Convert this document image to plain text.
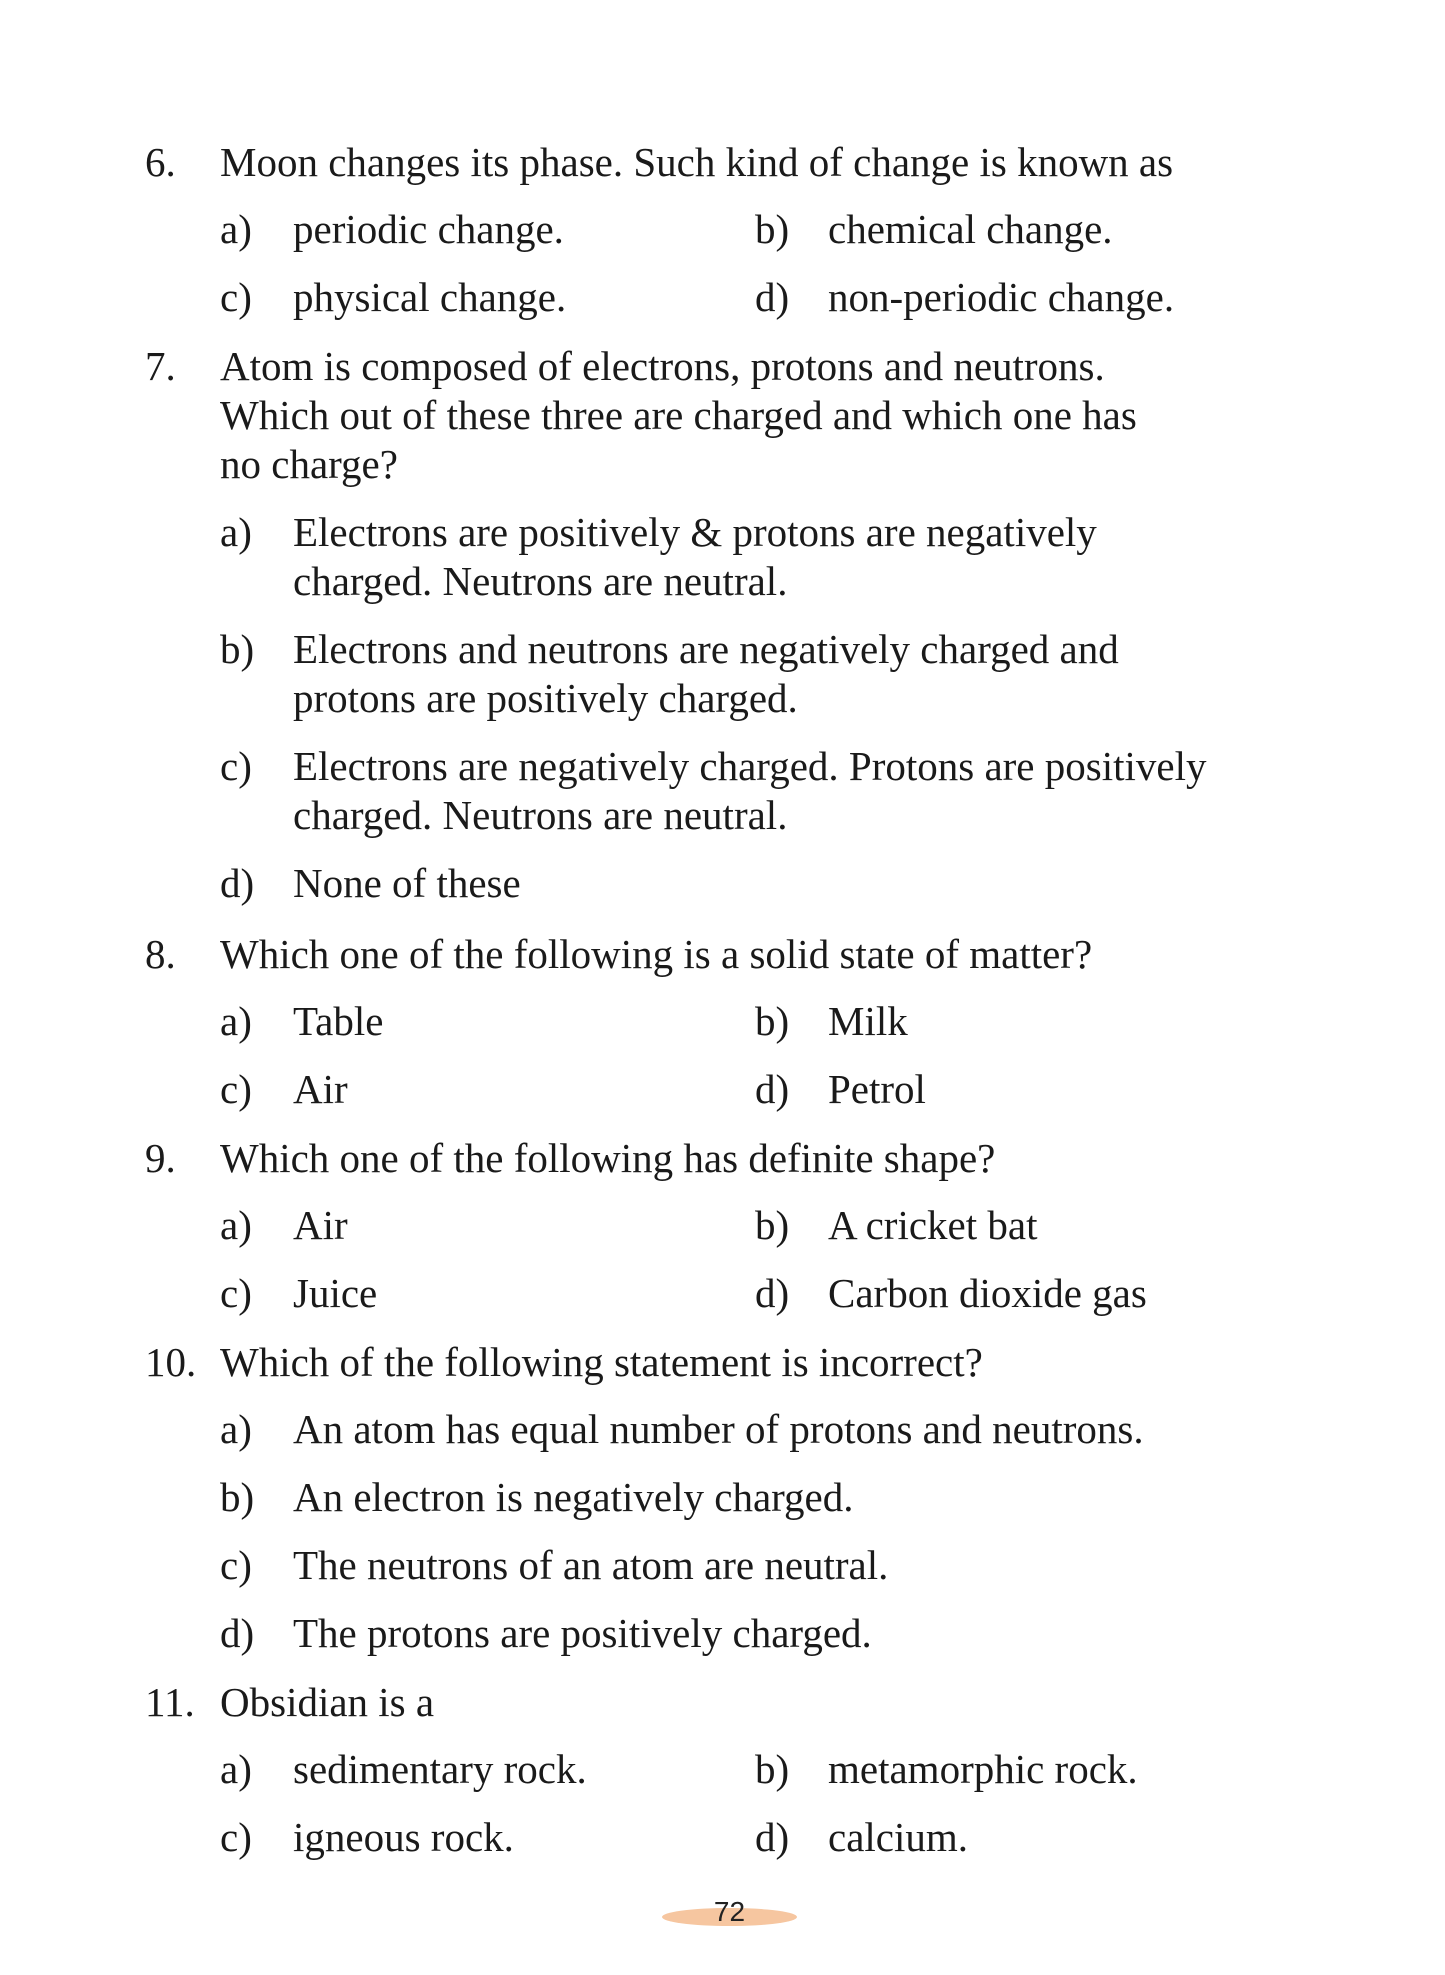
6. Moon changes its phase. Such kind of change is known as
a)	periodic change.	b) chemical change.
c)	physical change.	d) non-periodic change.
7. Atom is composed of electrons, protons and neutrons.
Which out of these three are charged and which one has
no charge?
a)	Electrons are positively & protons are negatively
charged. Neutrons are neutral.
b) Electrons and neutrons are negatively charged and
protons are positively charged.
c)	Electrons are negatively charged. Protons are positively
charged. Neutrons are neutral.
d) None of these
8. Which one of the following is a solid state of matter?
a)	Table	b) Milk
c)	Air	d) Petrol
9. Which one of the following has definite shape?
a)	Air	b) A cricket bat
c)	Juice	d) Carbon dioxide gas
10. Which of the following statement is incorrect?
a)	An atom has equal number of protons and neutrons.
b) An electron is negatively charged.
c)	The neutrons of an atom are neutral.
d) The protons are positively charged.
11. Obsidian is a
a)	sedimentary rock.	b) metamorphic rock.
c)	igneous rock.	d) calcium.
72
